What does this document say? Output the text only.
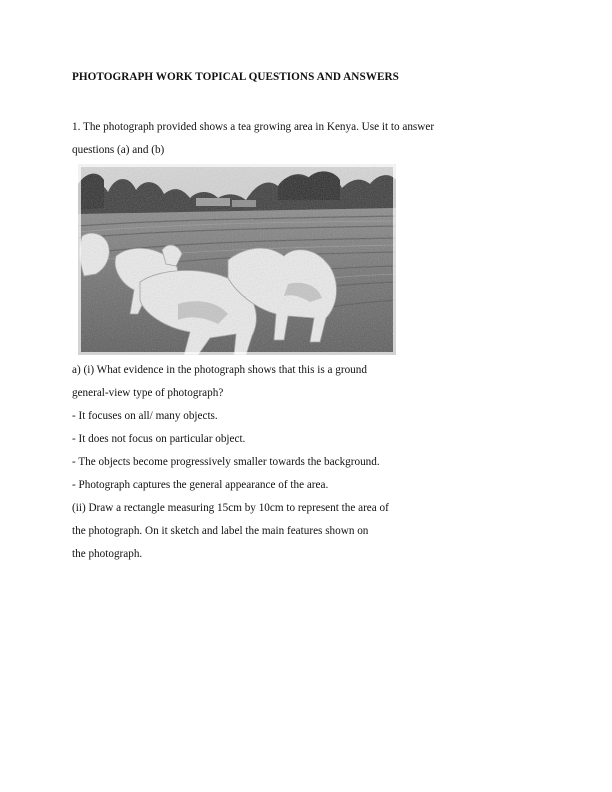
PHOTOGRAPH WORK TOPICAL QUESTIONS AND ANSWERS
1. The photograph provided shows a tea growing area in Kenya. Use it to answer
questions (a) and (b)
a) (i) What evidence in the photograph shows that this is a ground
general-view type of photograph?
- It focuses on all/ many objects.
- It does not focus on particular object.
- The objects become progressively smaller towards the background.
- Photograph captures the general appearance of the area.
(ii) Draw a rectangle measuring 15cm by 10cm to represent the area of
the photograph. On it sketch and label the main features shown on
the photograph.
